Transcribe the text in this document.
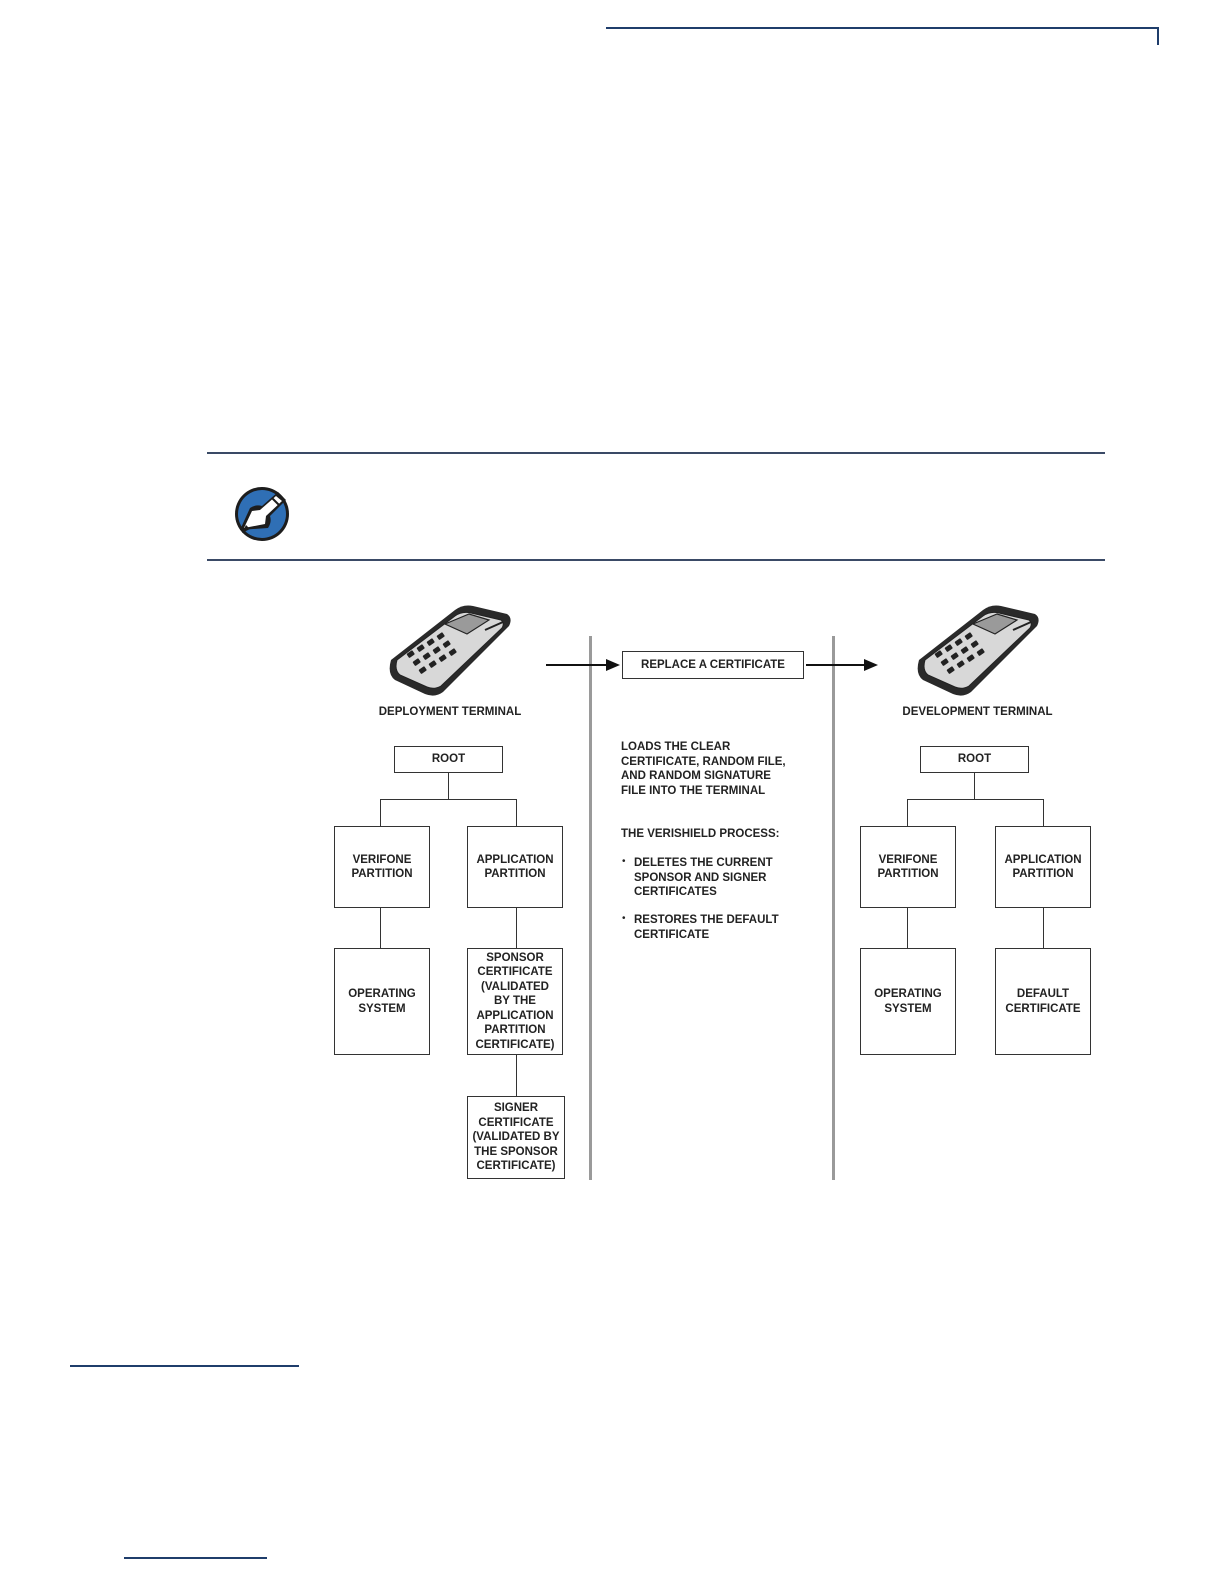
DEPLOYMENT TERMINAL	DEVELOPMENT TERMINAL
REPLACE A CERTIFICATE
LOADS THE CLEAR
CERTIFICATE, RANDOM FILE,
AND RANDOM SIGNATURE
FILE INTO THE TERMINAL
THE VERISHIELD PROCESS:
• DELETES THE CURRENT
SPONSOR AND SIGNER
CERTIFICATES
• RESTORES THE DEFAULT
CERTIFICATE
ROOT
VERIFONE
PARTITION
APPLICATION
PARTITION
OPERATING
SYSTEM
SPONSOR
CERTIFICATE
(VALIDATED
BY THE
APPLICATION
PARTITION
CERTIFICATE)
SIGNER
CERTIFICATE
(VALIDATED BY
THE SPONSOR
CERTIFICATE)
ROOT
VERIFONE
PARTITION
APPLICATION
PARTITION
OPERATING
SYSTEM
DEFAULT
CERTIFICATE
